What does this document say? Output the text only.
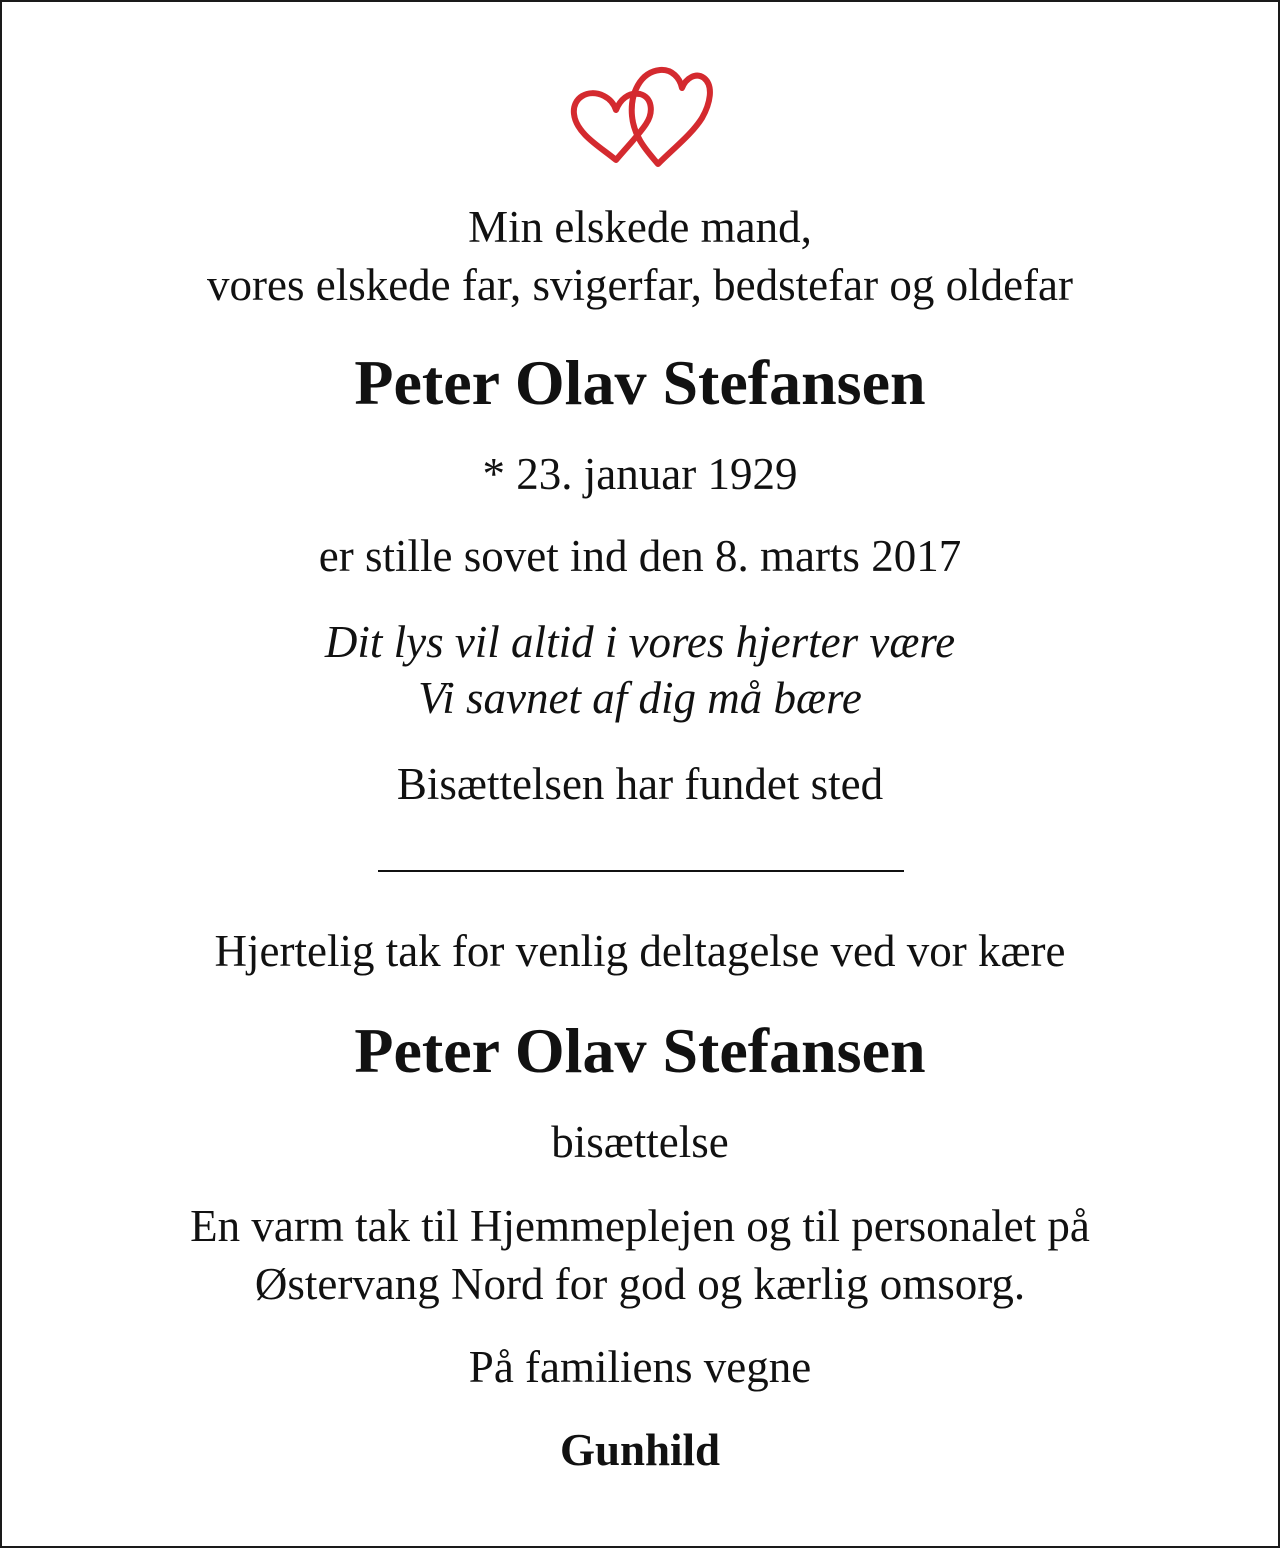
Min elskede mand,
vores elskede far, svigerfar, bedstefar og oldefar
Peter Olav Stefansen
* 23. januar 1929
er stille sovet ind den 8. marts 2017
Dit lys vil altid i vores hjerter være
Vi savnet af dig må bære
Bisættelsen har fundet sted
Hjertelig tak for venlig deltagelse ved vor kære
Peter Olav Stefansen
bisættelse
En varm tak til Hjemmeplejen og til personalet på
Østervang Nord for god og kærlig omsorg.
På familiens vegne
Gunhild
